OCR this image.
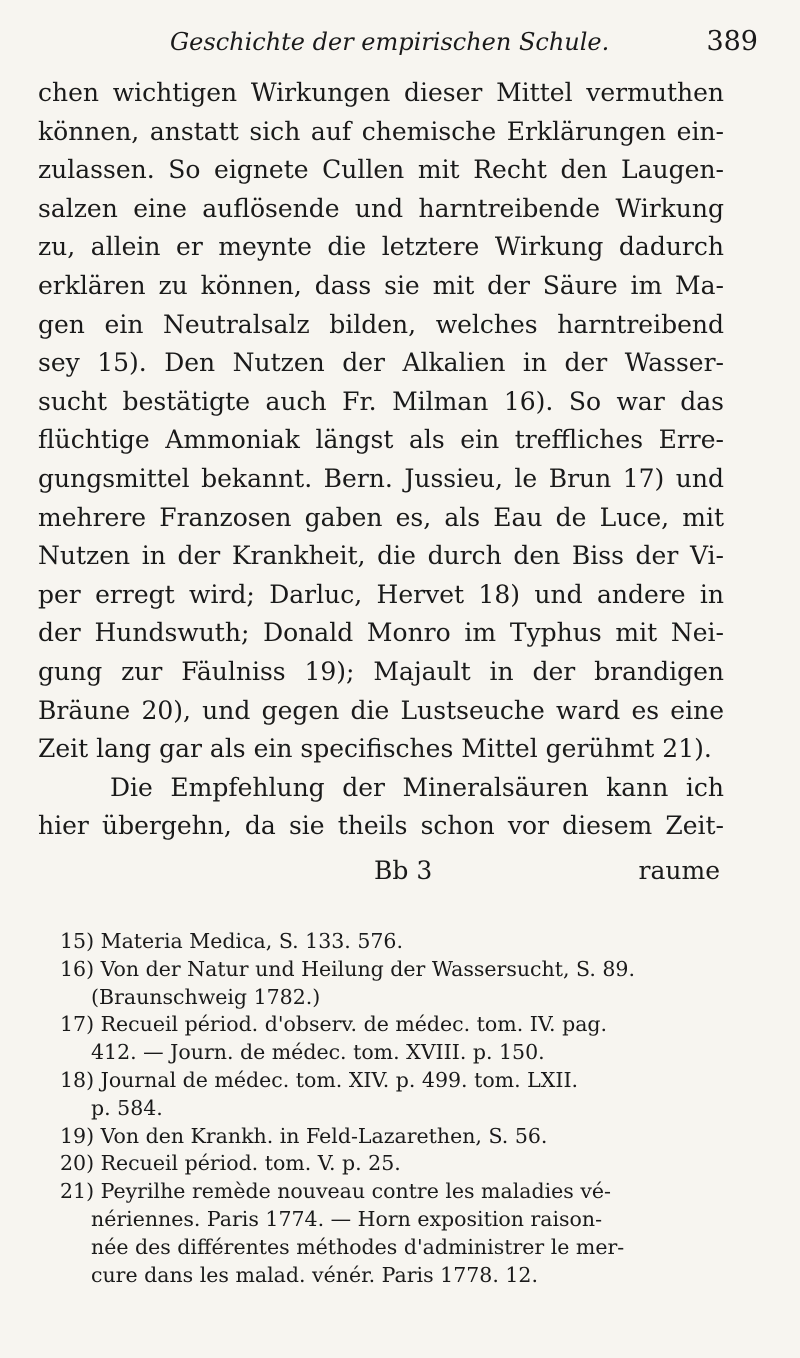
Geschichte der empirischen Schule.	389
chen wichtigen Wirkungen dieser Mittel vermuthen
können, anstatt sich auf chemische Erklärungen ein-
zulassen. So eignete Cullen mit Recht den Laugen-
salzen eine auflösende und harntreibende Wirkung
zu, allein er meynte die letztere Wirkung dadurch
erklären zu können, dass sie mit der Säure im Ma-
gen ein Neutralsalz bilden, welches harntreibend
sey 15). Den Nutzen der Alkalien in der Wasser-
sucht bestätigte auch Fr. Milman 16). So war das
flüchtige Ammoniak längst als ein treffliches Erre-
gungsmittel bekannt. Bern. Jussieu, le Brun 17) und
mehrere Franzosen gaben es, als Eau de Luce, mit
Nutzen in der Krankheit, die durch den Biss der Vi-
per erregt wird; Darluc, Hervet 18) und andere in
der Hundswuth; Donald Monro im Typhus mit Nei-
gung zur Fäulniss 19); Majault in der brandigen
Bräune 20), und gegen die Lustseuche ward es eine
Zeit lang gar als ein specifisches Mittel gerühmt 21).
Die Empfehlung der Mineralsäuren kann ich
hier übergehn, da sie theils schon vor diesem Zeit-
Bb 3	raume
15) Materia Medica, S. 133. 576.
16) Von der Natur und Heilung der Wassersucht, S. 89.
(Braunschweig 1782.)
17) Recueil périod. d'observ. de médec. tom. IV. pag.
412. — Journ. de médec. tom. XVIII. p. 150.
18) Journal de médec. tom. XIV. p. 499. tom. LXII.
p. 584.
19) Von den Krankh. in Feld-Lazarethen, S. 56.
20) Recueil périod. tom. V. p. 25.
21) Peyrilhe remède nouveau contre les maladies vé-
nériennes. Paris 1774. — Horn exposition raison-
née des différentes méthodes d'administrer le mer-
cure dans les malad. vénér. Paris 1778. 12.
